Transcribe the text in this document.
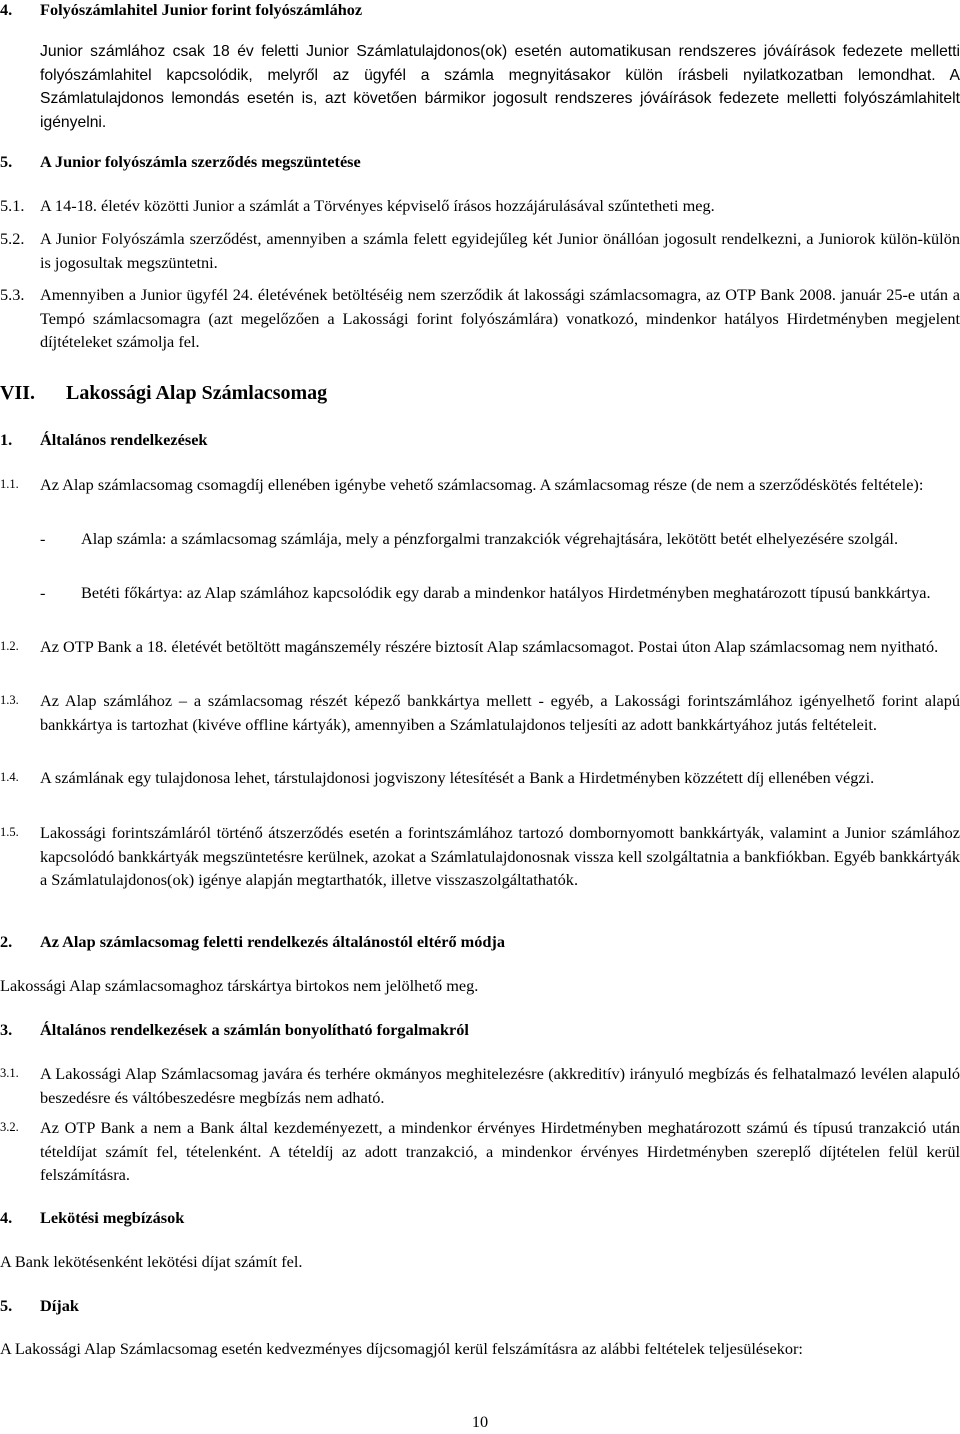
4.	Folyószámlahitel Junior forint folyószámlához
Junior számlához csak 18 év feletti Junior Számlatulajdonos(ok) esetén automatikusan rendszeres jóváírások fedezete melletti folyószámlahitel kapcsolódik, melyről az ügyfél a számla megnyitásakor külön írásbeli nyilatkozatban lemondhat. A Számlatulajdonos lemondás esetén is, azt követően bármikor jogosult rendszeres jóváírások fedezete melletti folyószámlahitelt igényelni.
5.	A Junior folyószámla szerződés megszüntetése
5.1. A 14-18. életév közötti Junior a számlát a Törvényes képviselő írásos hozzájárulásával szűntetheti meg.
5.2. A Junior Folyószámla szerződést, amennyiben a számla felett egyidejűleg két Junior önállóan jogosult rendelkezni, a Juniorok külön-külön is jogosultak megszüntetni.
5.3. Amennyiben a Junior ügyfél 24. életévének betöltéséig nem szerződik át lakossági számlacsomagra, az OTP Bank 2008. január 25-e után a Tempó számlacsomagra (azt megelőzően a Lakossági forint folyószámlára) vonatkozó, mindenkor hatályos Hirdetményben megjelent díjtételeket számolja fel.
VII.	Lakossági Alap Számlacsomag
1.	Általános rendelkezések
1.1.	Az Alap számlacsomag csomagdíj ellenében igénybe vehető számlacsomag. A számlacsomag része (de nem a szerződéskötés feltétele):
-	Alap számla: a számlacsomag számlája, mely a pénzforgalmi tranzakciók végrehajtására, lekötött betét elhelyezésére szolgál.
-	Betéti főkártya: az Alap számlához kapcsolódik egy darab a mindenkor hatályos Hirdetményben meghatározott típusú bankkártya.
1.2.	Az OTP Bank a 18. életévét betöltött magánszemély részére biztosít Alap számlacsomagot. Postai úton Alap számlacsomag nem nyitható.
1.3.	Az Alap számlához – a számlacsomag részét képező bankkártya mellett - egyéb, a Lakossági forintszámlához igényelhető forint alapú bankkártya is tartozhat (kivéve offline kártyák), amennyiben a Számlatulajdonos teljesíti az adott bankkártyához jutás feltételeit.
1.4.	A számlának egy tulajdonosa lehet, társtulajdonosi jogviszony létesítését a Bank a Hirdetményben közzétett díj ellenében végzi.
1.5.	Lakossági forintszámláról történő átszerződés esetén a forintszámlához tartozó dombornyomott bankkártyák, valamint a Junior számlához kapcsolódó bankkártyák megszüntetésre kerülnek, azokat a Számlatulajdonosnak vissza kell szolgáltatnia a bankfiókban. Egyéb bankkártyák a Számlatulajdonos(ok) igénye alapján megtarthatók, illetve visszaszolgáltathatók.
2.	Az Alap számlacsomag feletti rendelkezés általánostól eltérő módja
Lakossági Alap számlacsomaghoz társkártya birtokos nem jelölhető meg.
3.	Általános rendelkezések a számlán bonyolítható forgalmakról
3.1.	A Lakossági Alap Számlacsomag javára és terhére okmányos meghitelezésre (akkreditív) irányuló megbízás és felhatalmazó levélen alapuló beszedésre és váltóbeszedésre megbízás nem adható.
3.2.	Az OTP Bank a nem a Bank által kezdeményezett, a mindenkor érvényes Hirdetményben meghatározott számú és típusú tranzakció után tételdíjat számít fel, tételenként. A tételdíj az adott tranzakció, a mindenkor érvényes Hirdetményben szereplő díjtételen felül kerül felszámításra.
4.	Lekötési megbízások
A Bank lekötésenként lekötési díjat számít fel.
5.	Díjak
A Lakossági Alap Számlacsomag esetén kedvezményes díjcsomagjól kerül felszámításra az alábbi feltételek teljesülésekor:
10
